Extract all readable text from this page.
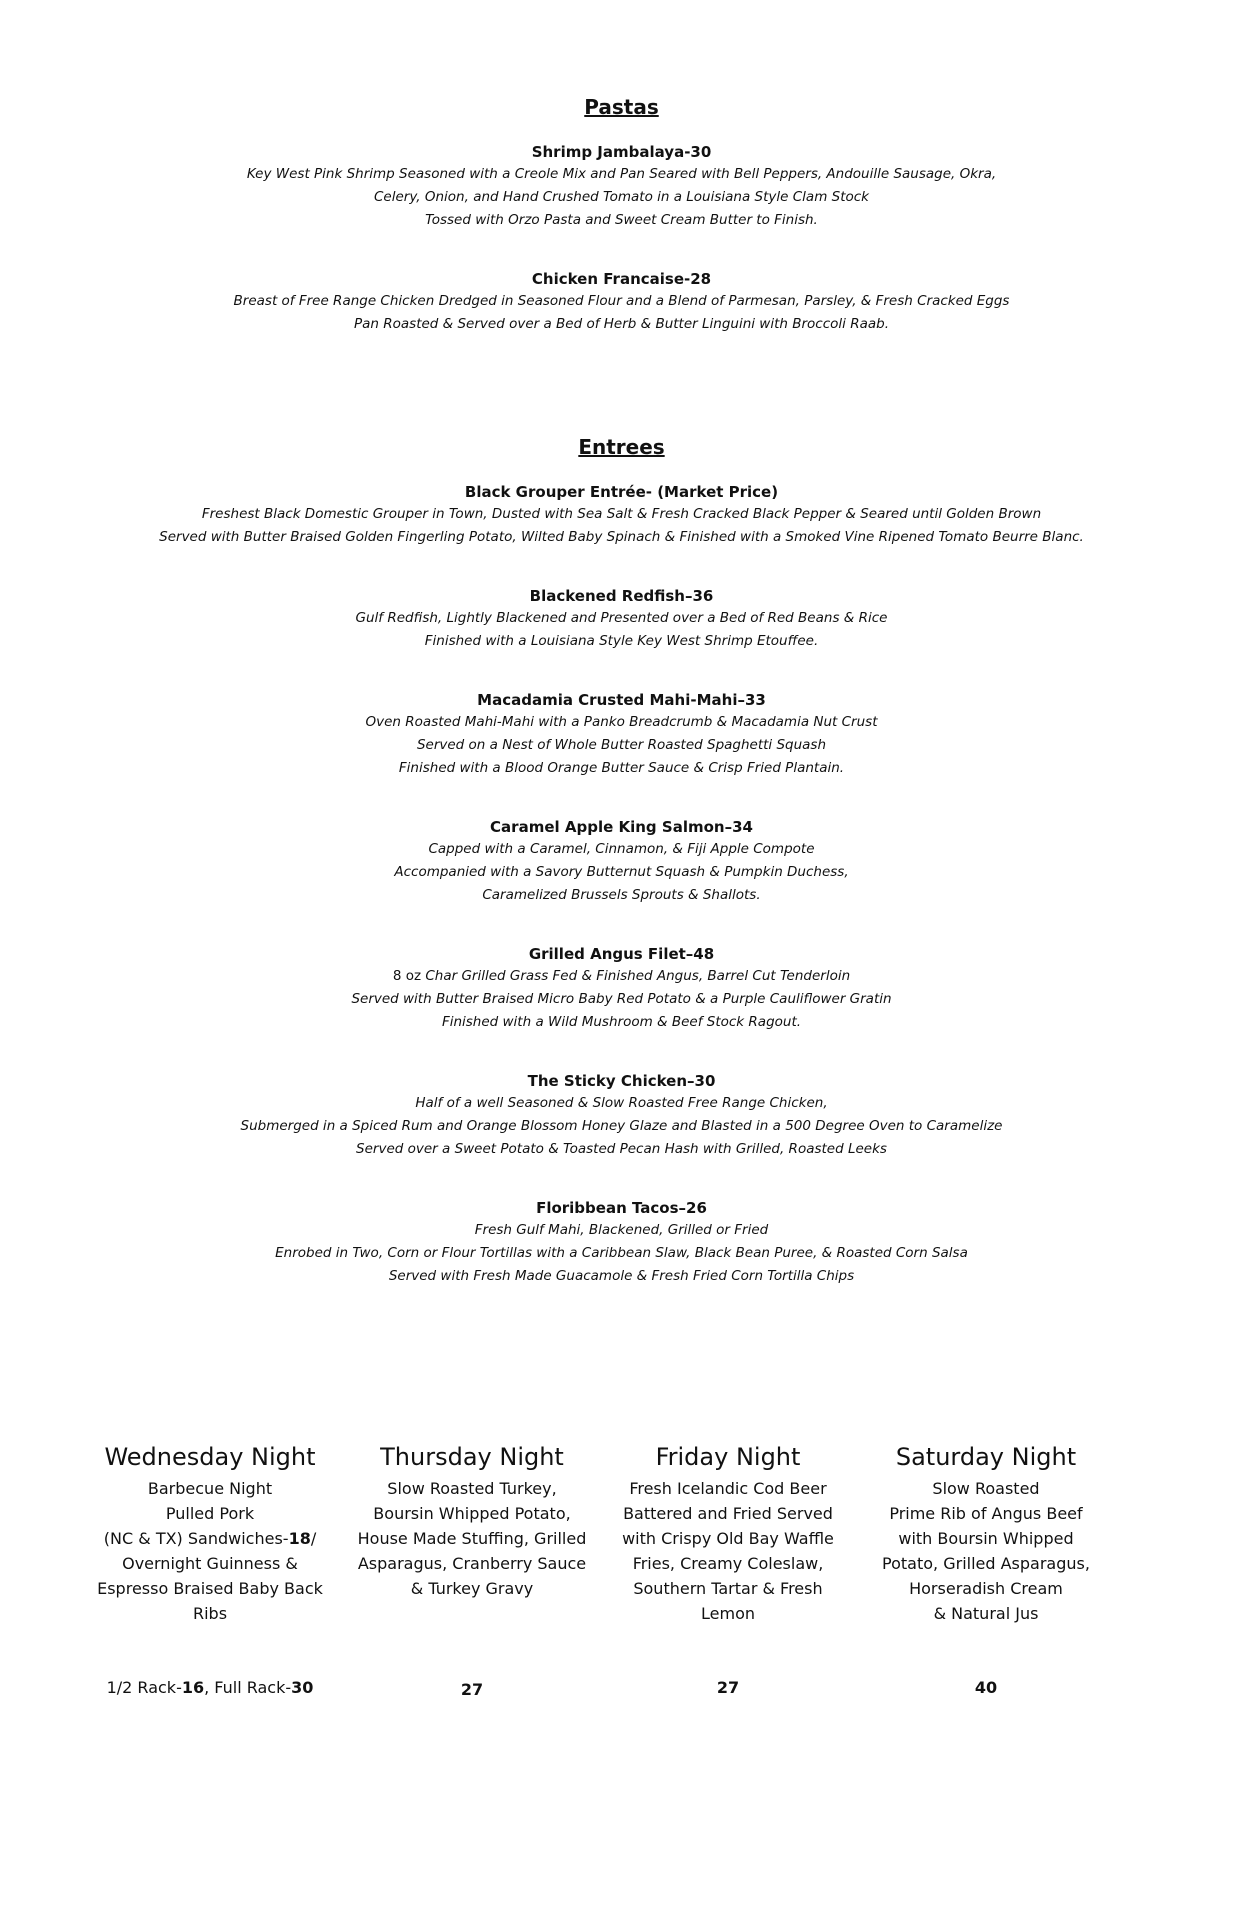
Pastas

Shrimp Jambalaya-30

Key West Pink Shrimp Seasoned with a Creole Mix and Pan Seared with Bell Peppers, Andouille Sausage, Okra,

Celery, Onion, and Hand Crushed Tomato in a Louisiana Style Clam Stock

Tossed with Orzo Pasta and Sweet Cream Butter to Finish.

Chicken Francaise-28

Breast of Free Range Chicken Dredged in Seasoned Flour and a Blend of Parmesan, Parsley, & Fresh Cracked Eggs

Pan Roasted & Served over a Bed of Herb & Butter Linguini with Broccoli Raab.

Entrees

Black Grouper Entrée- (Market Price)

Freshest Black Domestic Grouper in Town, Dusted with Sea Salt & Fresh Cracked Black Pepper & Seared until Golden Brown

Served with Butter Braised Golden Fingerling Potato, Wilted Baby Spinach & Finished with a Smoked Vine Ripened Tomato Beurre Blanc.

Blackened Redfish–36

Gulf Redfish, Lightly Blackened and Presented over a Bed of Red Beans & Rice

Finished with a Louisiana Style Key West Shrimp Etouffee.

Macadamia Crusted Mahi-Mahi–33

Oven Roasted Mahi-Mahi with a Panko Breadcrumb & Macadamia Nut Crust

Served on a Nest of Whole Butter Roasted Spaghetti Squash

Finished with a Blood Orange Butter Sauce & Crisp Fried Plantain.

Caramel Apple King Salmon–34

Capped with a Caramel, Cinnamon, & Fiji Apple Compote

Accompanied with a Savory Butternut Squash & Pumpkin Duchess,

Caramelized Brussels Sprouts & Shallots.

Grilled Angus Filet–48

8 oz Char Grilled Grass Fed & Finished Angus, Barrel Cut Tenderloin

Served with Butter Braised Micro Baby Red Potato & a Purple Cauliflower Gratin

Finished with a Wild Mushroom & Beef Stock Ragout.

The Sticky Chicken–30

Half of a well Seasoned & Slow Roasted Free Range Chicken,

Submerged in a Spiced Rum and Orange Blossom Honey Glaze and Blasted in a 500 Degree Oven to Caramelize

Served over a Sweet Potato & Toasted Pecan Hash with Grilled, Roasted Leeks

Floribbean Tacos–26

Fresh Gulf Mahi, Blackened, Grilled or Fried

Enrobed in Two, Corn or Flour Tortillas with a Caribbean Slaw, Black Bean Puree, & Roasted Corn Salsa

Served with Fresh Made Guacamole & Fresh Fried Corn Tortilla Chips

Wednesday Night

Barbecue Night

Pulled Pork

(NC & TX) Sandwiches-18/

Overnight Guinness &

Espresso Braised Baby Back

Ribs

1/2 Rack-16, Full Rack-30

Thursday Night

Slow Roasted Turkey,

Boursin Whipped Potato,

House Made Stuffing, Grilled

Asparagus, Cranberry Sauce

& Turkey Gravy

27

Friday Night

Fresh Icelandic Cod Beer

Battered and Fried Served

with Crispy Old Bay Waffle

Fries, Creamy Coleslaw,

Southern Tartar & Fresh

Lemon

27

Saturday Night

Slow Roasted

Prime Rib of Angus Beef

with Boursin Whipped

Potato, Grilled Asparagus,

Horseradish Cream

& Natural Jus

40
